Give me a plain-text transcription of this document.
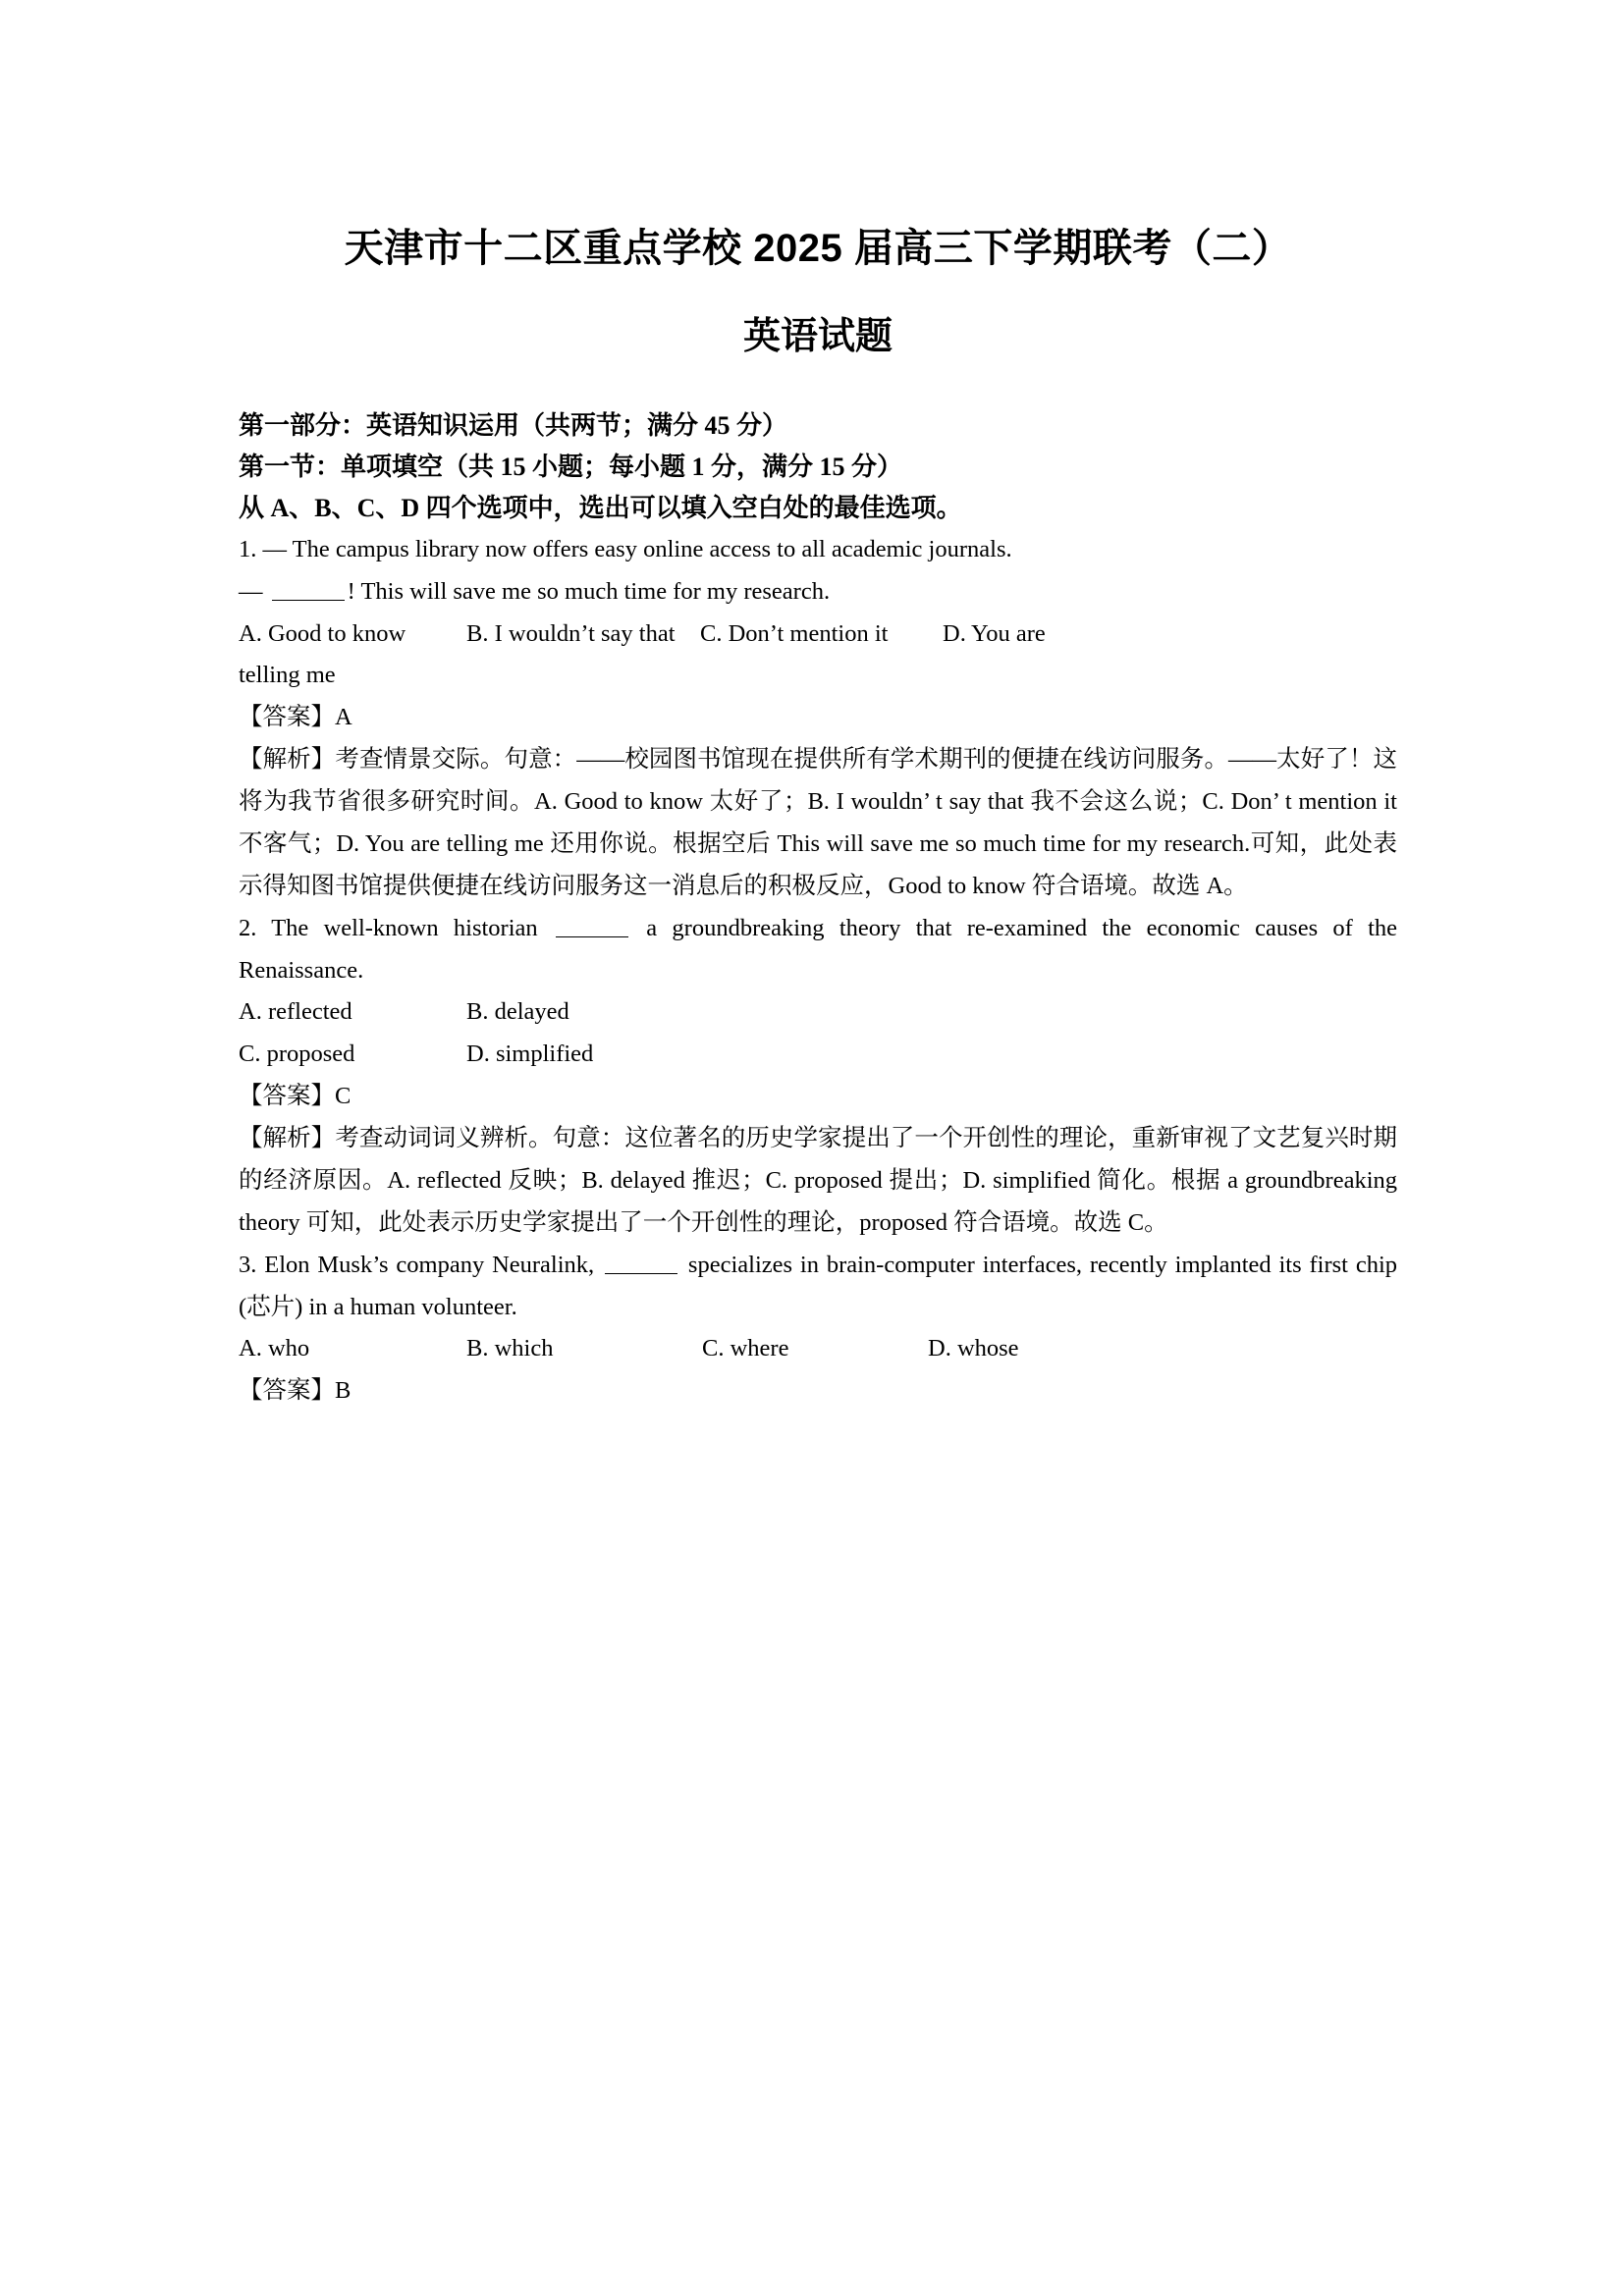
天津市十二区重点学校 2025 届高三下学期联考（二）
英语试题

第一部分：英语知识运用（共两节；满分 45 分）

第一节：单项填空（共 15 小题；每小题 1 分，满分 15 分）

从 A、B、C、D 四个选项中，选出可以填入空白处的最佳选项。

1. — The campus library now offers easy online access to all academic journals.

—	! This will save me so much time for my research.

A. Good to know	B. I wouldn’t say that C. Don’t mention it D. You are

telling me

【答案】A

【解析】考查情景交际。句意：——校园图书馆现在提供所有学术期刊的便捷在线访问服务。——太好了！这将为我节省很多研究时间。A. Good to know 太好了；B. I wouldn’ t say that 我不会这么说；C. Don’ t mention it 不客气；D. You are telling me 还用你说。根据空后 This will save me so much time for my research.可知，此处表示得知图书馆提供便捷在线访问服务这一消息后的积极反应，Good to know 符合语境。故选 A。

2. The well-known historian	a groundbreaking theory that re-examined the economic causes of the Renaissance.

A. reflected	B. delayed

C. proposed	D. simplified

【答案】C

【解析】考查动词词义辨析。句意：这位著名的历史学家提出了一个开创性的理论，重新审视了文艺复兴时期的经济原因。A. reflected 反映；B. delayed 推迟；C. proposed 提出；D. simplified 简化。根据 a groundbreaking theory 可知，此处表示历史学家提出了一个开创性的理论，proposed 符合语境。故选 C。

3. Elon Musk’s company Neuralink,	specializes in brain-computer interfaces, recently implanted its first chip (芯片) in a human volunteer.

A. who	B. which	C. where	D. whose

【答案】B
